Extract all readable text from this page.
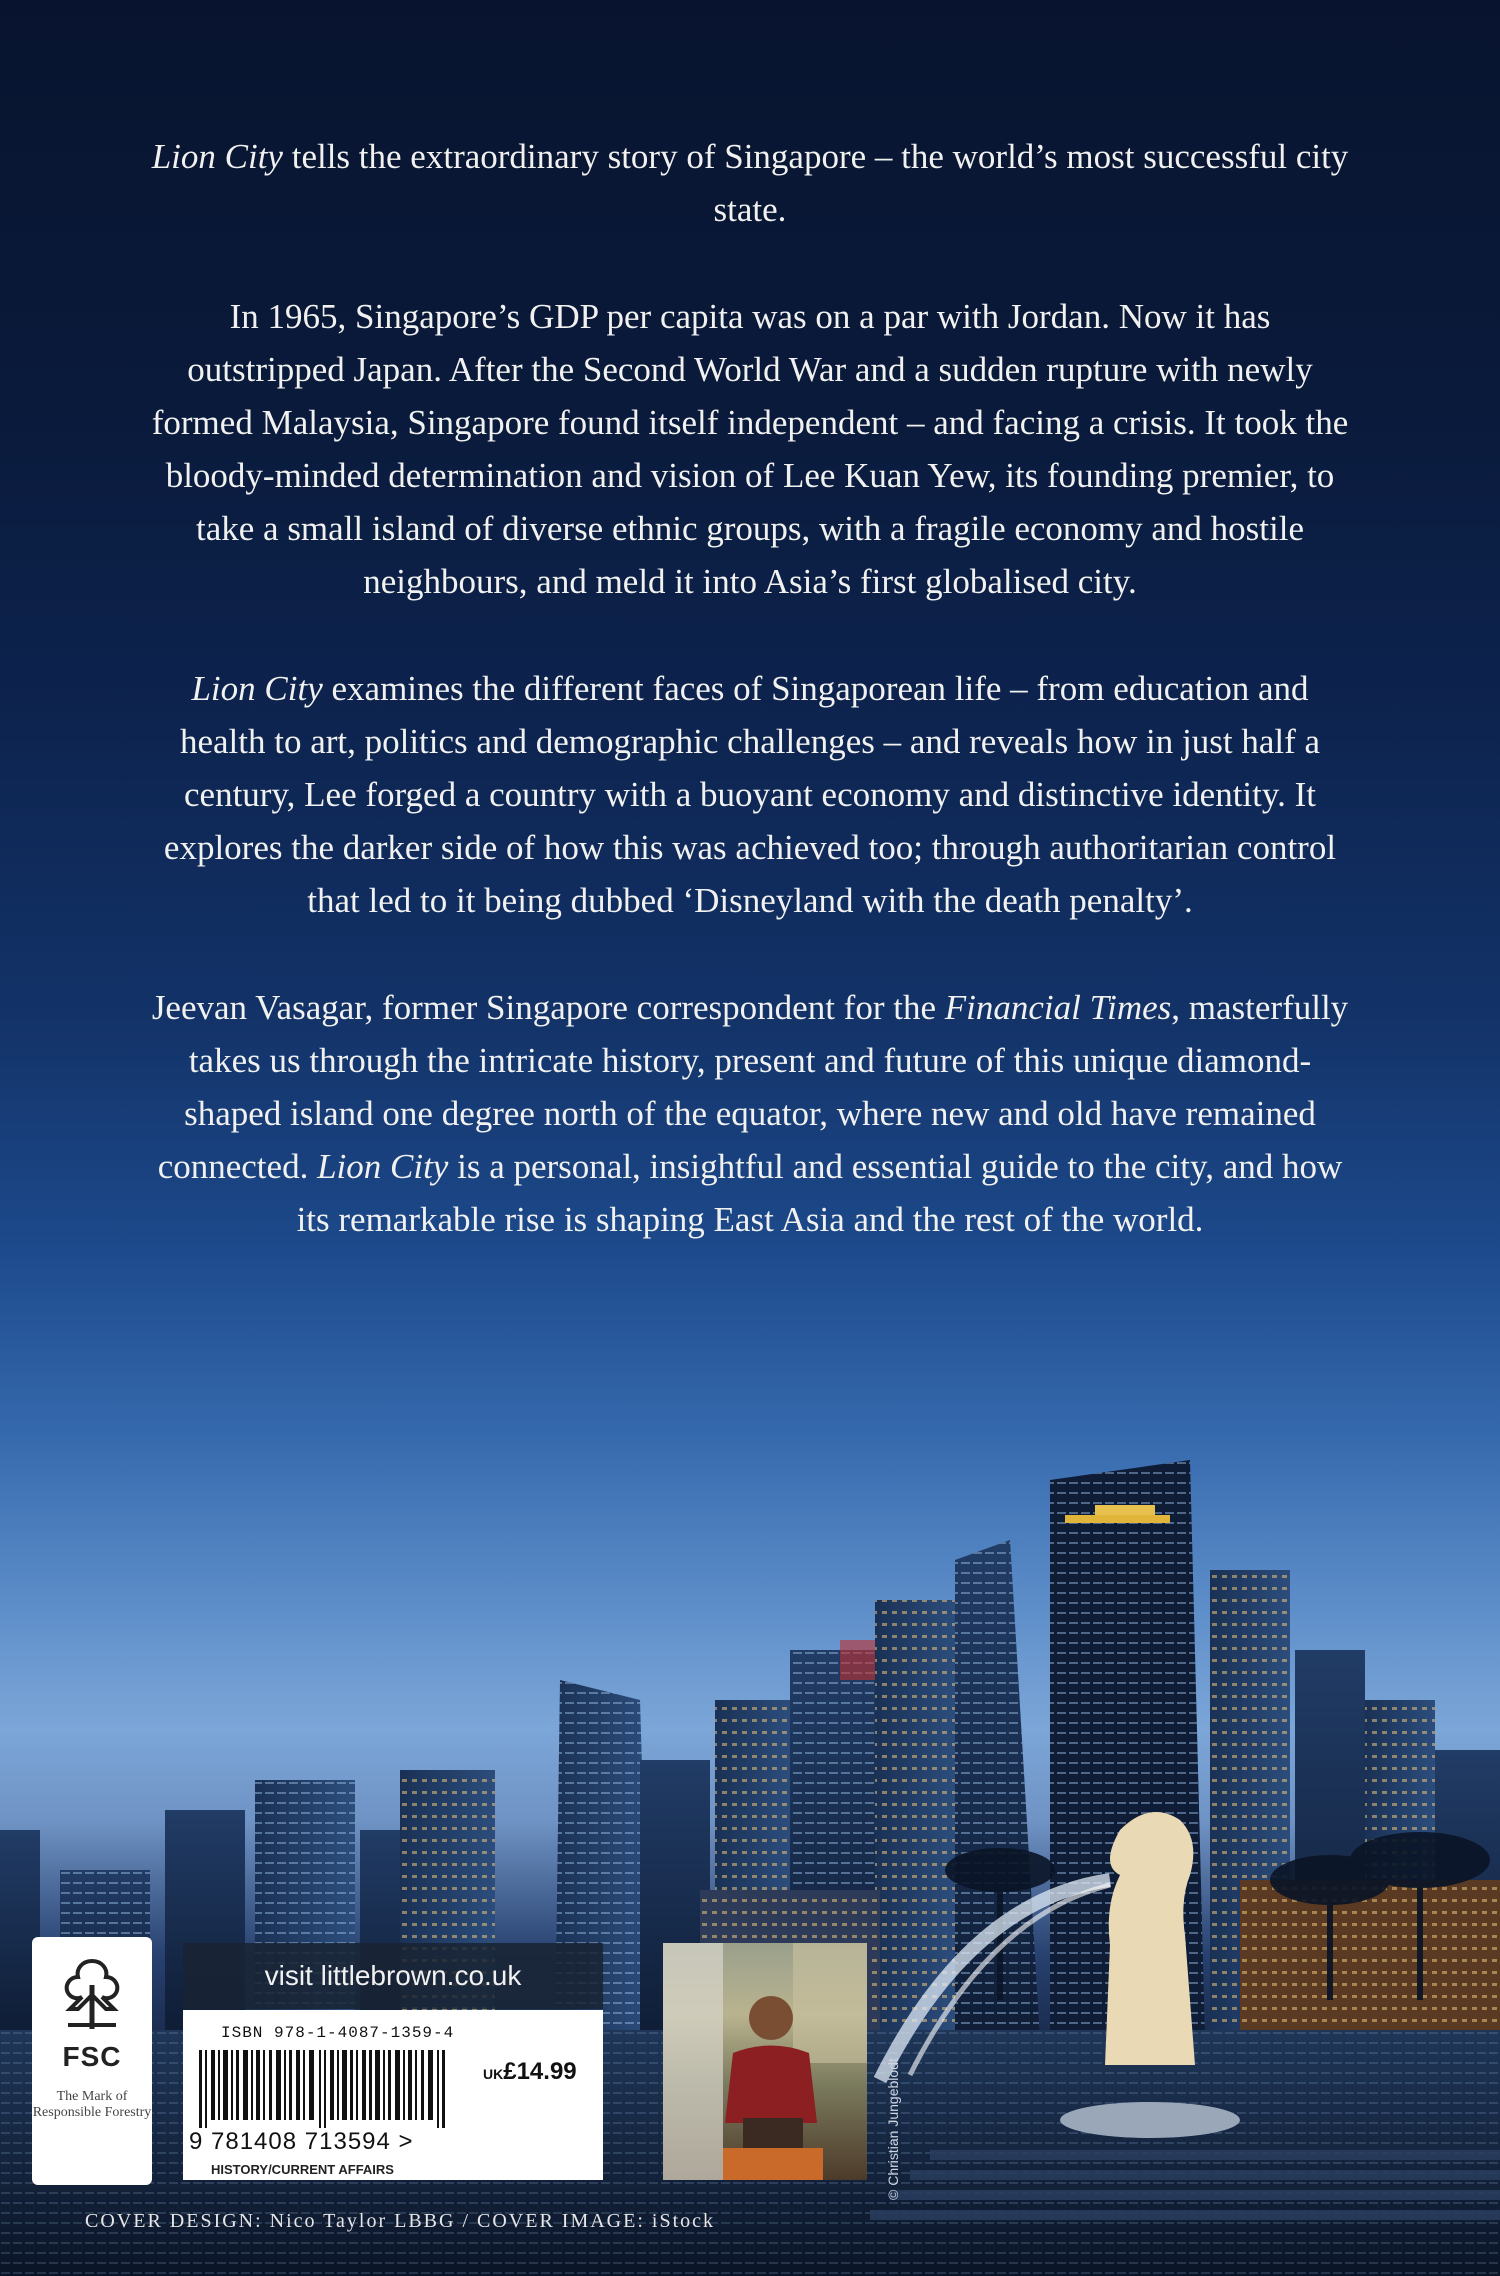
Lion City tells the extraordinary story of Singapore – the world’s most successful city state.

In 1965, Singapore’s GDP per capita was on a par with Jordan. Now it has outstripped Japan. After the Second World War and a sudden rupture with newly formed Malaysia, Singapore found itself independent – and facing a crisis. It took the bloody-minded determination and vision of Lee Kuan Yew, its founding premier, to take a small island of diverse ethnic groups, with a fragile economy and hostile neighbours, and meld it into Asia’s first globalised city.

Lion City examines the different faces of Singaporean life – from education and health to art, politics and demographic challenges – and reveals how in just half a century, Lee forged a country with a buoyant economy and distinctive identity. It explores the darker side of how this was achieved too; through authoritarian control that led to it being dubbed ‘Disneyland with the death penalty’.

Jeevan Vasagar, former Singapore correspondent for the Financial Times, masterfully takes us through the intricate history, present and future of this unique diamond-shaped island one degree north of the equator, where new and old have remained connected. Lion City is a personal, insightful and essential guide to the city, and how its remarkable rise is shaping East Asia and the rest of the world.

FSC
The Mark of Responsible Forestry
visit littlebrown.co.uk
ISBN 978-1-4087-1359-4
UK£14.99
9 781408 713594 >
HISTORY/CURRENT AFFAIRS
COVER DESIGN: Nico Taylor LBBG / COVER IMAGE: iStock
